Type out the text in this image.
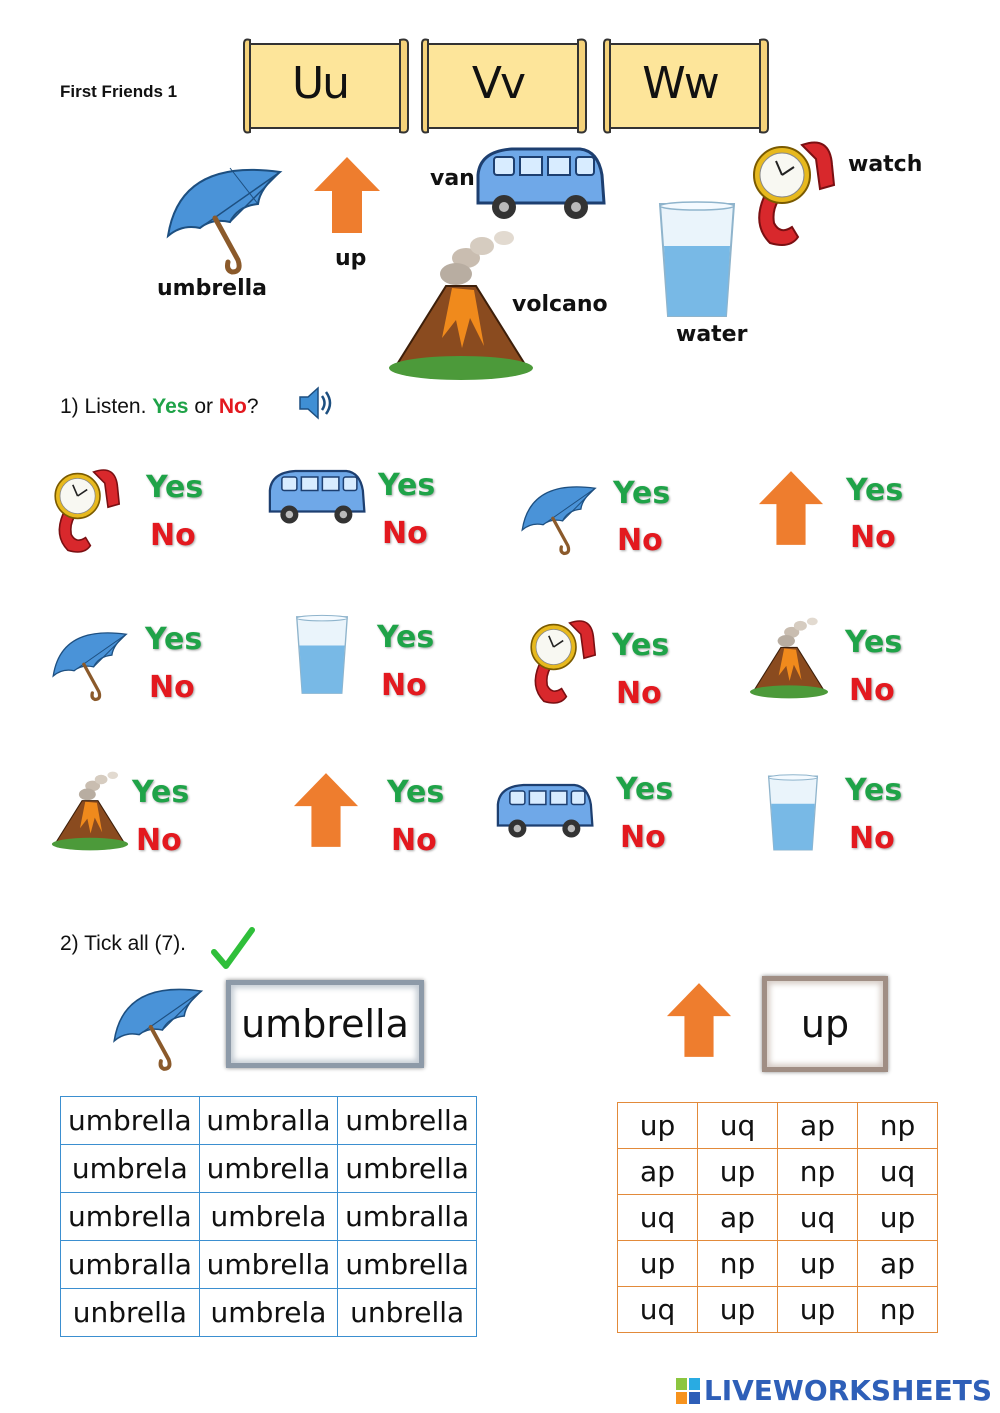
First Friends 1	Uu	Vv	Ww
umbrella
up
van
volcano
water
watch
1) Listen. Yes or No?
Yes
No
Yes
No
Yes
No
Yes
No
Yes
No
Yes
No
Yes
No
Yes
No
Yes
No
Yes
No
Yes
No
Yes
No
2) Tick all (7).
umbrella	up
umbrella	umbralla	umbrella
umbrela	umbrella	umbrella
umbrella	umbrela	umbralla
umbralla	umbrella	umbrella
unbrella	umbrela	unbrella
up	uq	ap	np
ap	up	np	uq
uq	ap	uq	up
up	np	up	ap
uq	up	up	np
LIVEWORKSHEETS
